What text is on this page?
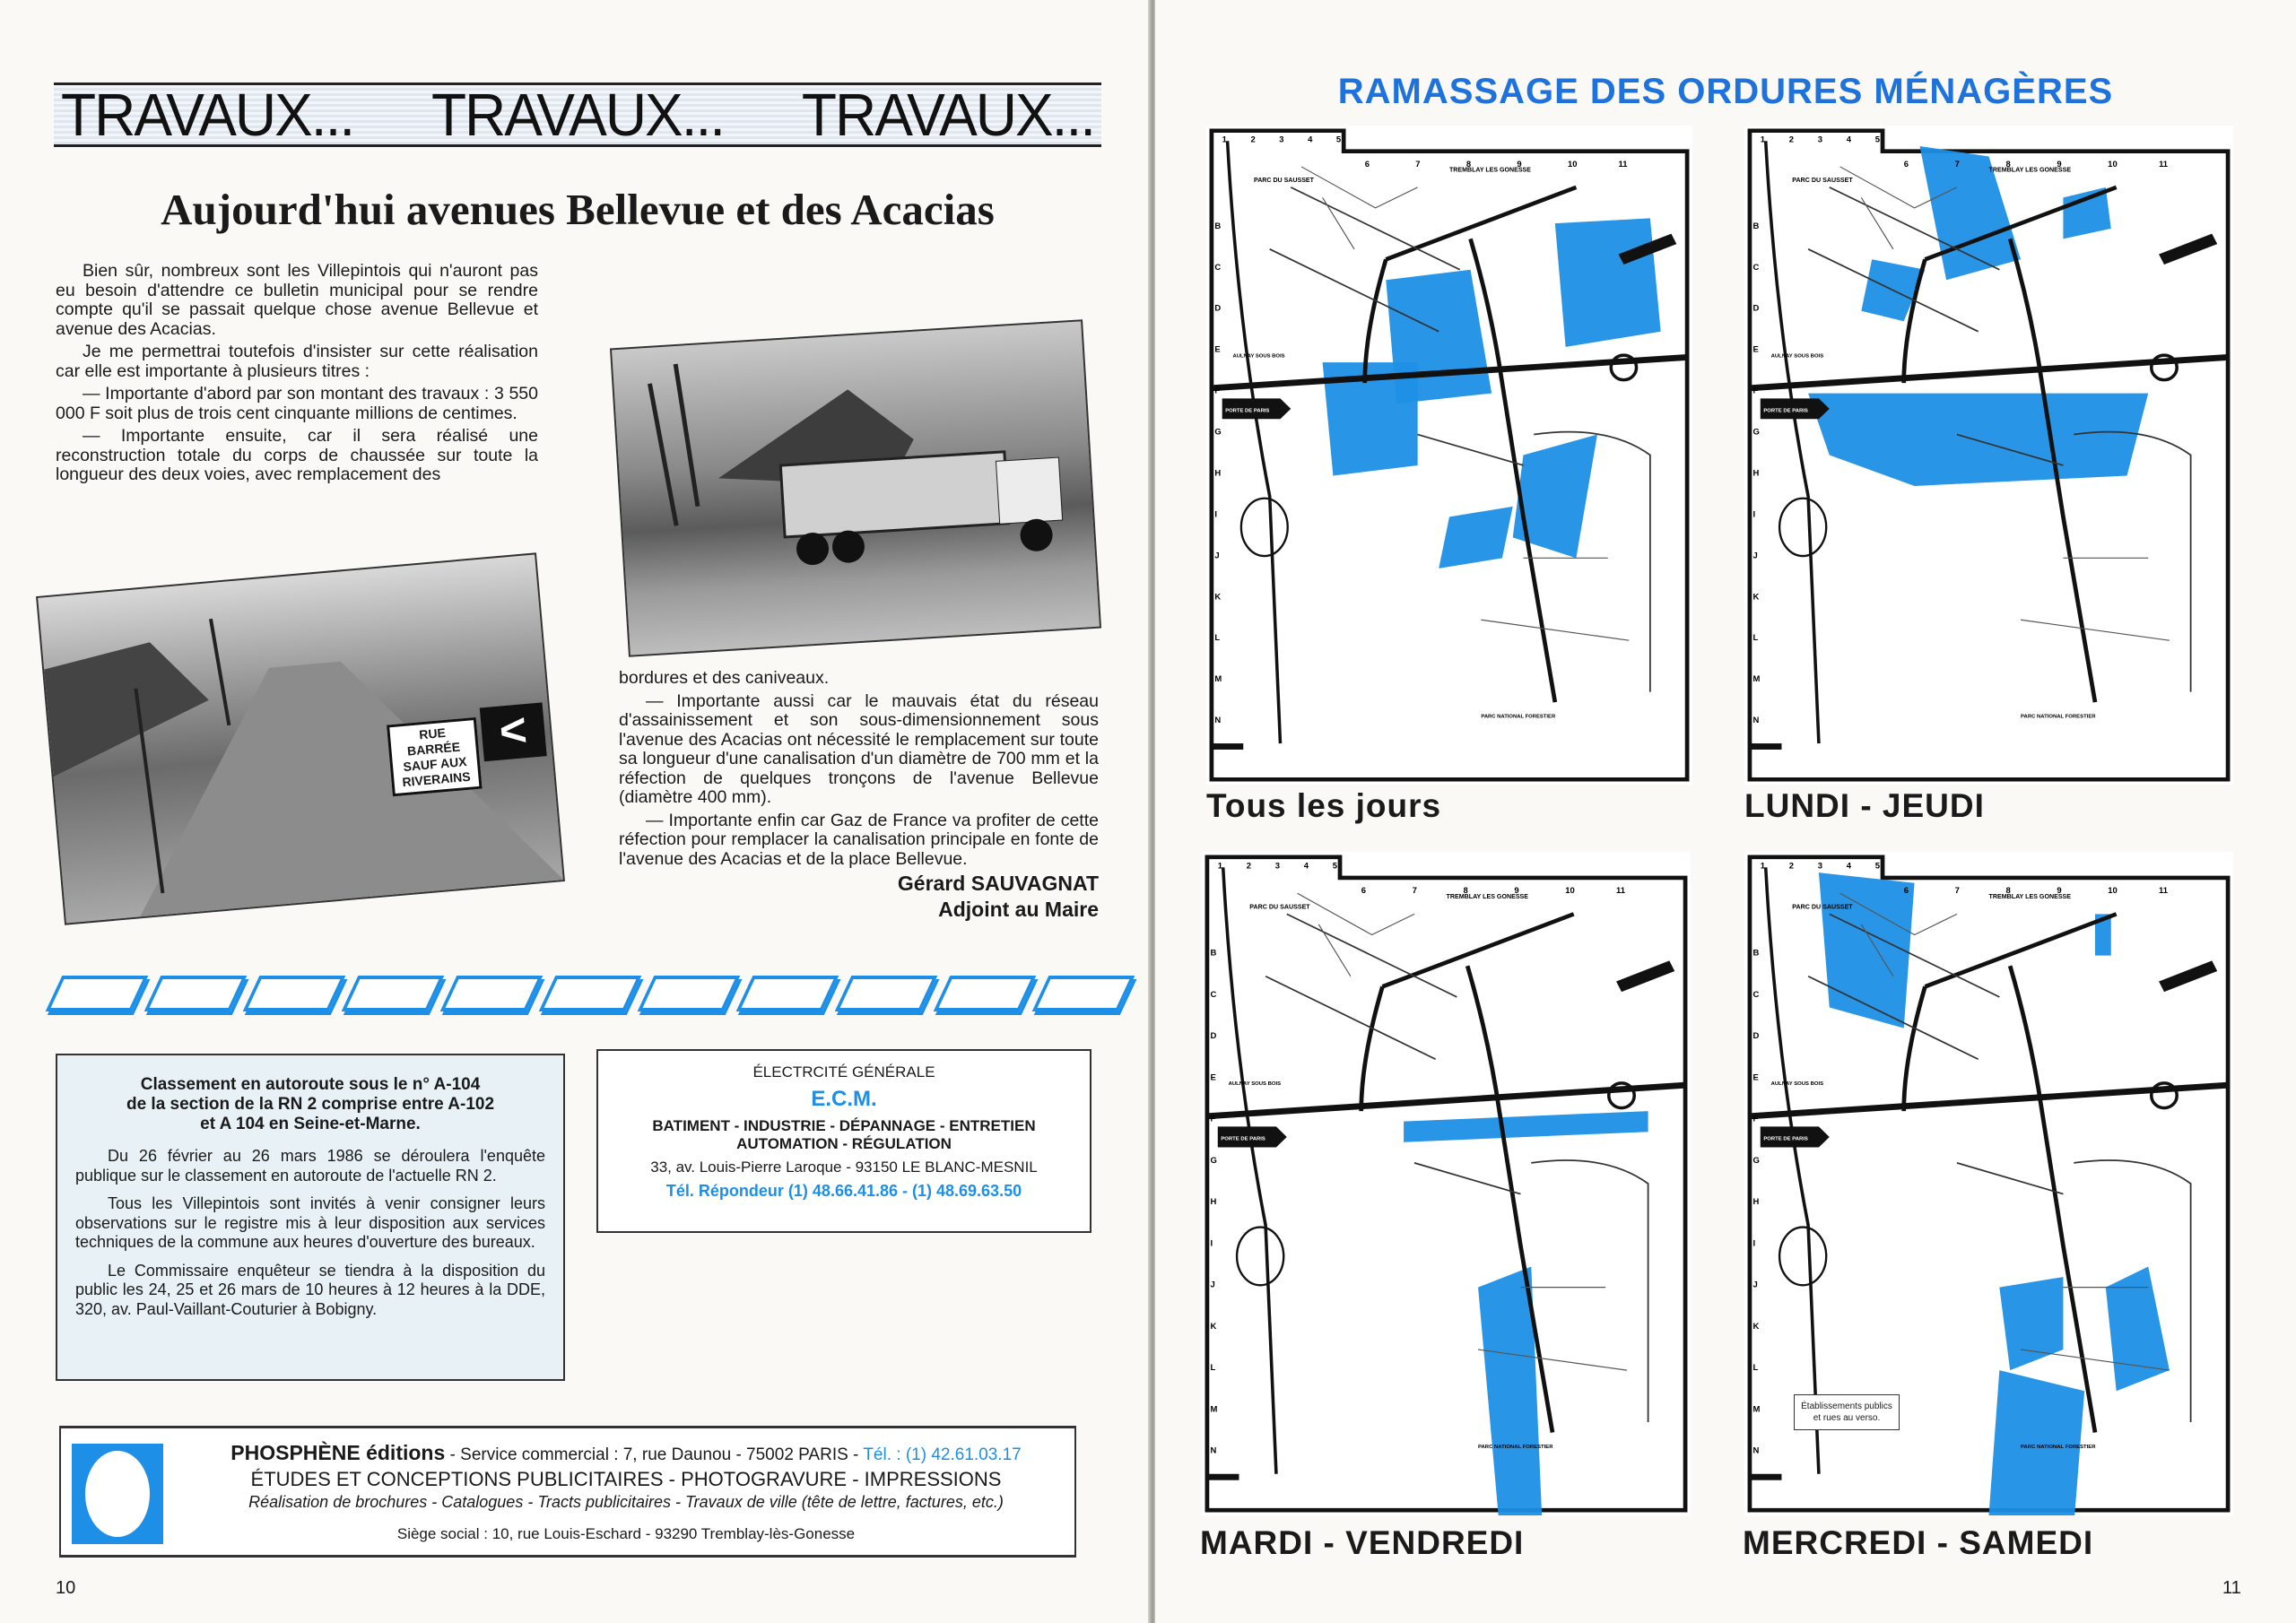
TRAVAUX... TRAVAUX... TRAVAUX...
Aujourd'hui avenues Bellevue et des Acacias

Bien sûr, nombreux sont les Villepintois qui n'auront pas eu besoin d'attendre ce bulletin municipal pour se rendre compte qu'il se passait quelque chose avenue Bellevue et avenue des Acacias.

Je me permettrai toutefois d'insister sur cette réalisation car elle est importante à plusieurs titres :

— Importante d'abord par son montant des travaux : 3 550 000 F soit plus de trois cent cinquante millions de centimes.

— Importante ensuite, car il sera réalisé une reconstruction totale du corps de chaussée sur toute la longueur des deux voies, avec remplacement des

RUE BARRÉE
SAUF AUX
RIVERAINS
<

bordures et des caniveaux.

— Importante aussi car le mauvais état du réseau d'assainissement et son sous-dimensionnement sous l'avenue des Acacias ont nécessité le remplacement sur toute sa longueur d'une canalisation d'un diamètre de 700 mm et la réfection de quelques tronçons de l'avenue Bellevue (diamètre 400 mm).

— Importante enfin car Gaz de France va profiter de cette réfection pour remplacer la canalisation principale en fonte de l'avenue des Acacias et de la place Bellevue.

Gérard SAUVAGNAT

Adjoint au Maire

Classement en autoroute sous le n° A-104
de la section de la RN 2 comprise entre A-102
et A 104 en Seine-et-Marne.

Du 26 février au 26 mars 1986 se déroulera l'enquête publique sur le classement en autoroute de l'actuelle RN 2.

Tous les Villepintois sont invités à venir consigner leurs observations sur le registre mis à leur disposition aux services techniques de la commune aux heures d'ouverture des bureaux.

Le Commissaire enquêteur se tiendra à la disposition du public les 24, 25 et 26 mars de 10 heures à 12 heures à la DDE, 320, av. Paul-Vaillant-Couturier à Bobigny.

ÉLECTRCITÉ GÉNÉRALE
E.C.M.
BATIMENT - INDUSTRIE - DÉPANNAGE - ENTRETIEN
AUTOMATION - RÉGULATION
33, av. Louis-Pierre Laroque - 93150 LE BLANC-MESNIL
Tél. Répondeur (1) 48.66.41.86 - (1) 48.69.63.50
PHOSPHÈNE éditions - Service commercial : 7, rue Daunou - 75002 PARIS - Tél. : (1) 42.61.03.17
ÉTUDES ET CONCEPTIONS PUBLICITAIRES - PHOTOGRAVURE - IMPRESSIONS
Réalisation de brochures - Catalogues - Tracts publicitaires - Travaux de ville (tête de lettre, factures, etc.)
Siège social : 10, rue Louis-Eschard - 93290 Tremblay-lès-Gonesse
10
RAMASSAGE DES ORDURES MÉNAGÈRES
1	2	3	4	5
6	7	8	9	10	11
B
C
D
E
F
G
H
I
J
K
L
M
N
PARC DU SAUSSET
TREMBLAY LES GONESSE
AULNAY SOUS BOIS
PORTE DE PARIS
PARC NATIONAL FORESTIER
Tous les jours
1	2	3	4	5
6	7	8	9	10	11
B
C
D
E
F
G
H
I
J
K
L
M
N
PARC DU SAUSSET
TREMBLAY LES GONESSE
AULNAY SOUS BOIS
PORTE DE PARIS
PARC NATIONAL FORESTIER
LUNDI - JEUDI
1	2	3	4	5
6	7	8	9	10	11
B
C
D
E
F
G
H
I
J
K
L
M
N
PARC DU SAUSSET
TREMBLAY LES GONESSE
AULNAY SOUS BOIS
PORTE DE PARIS
PARC NATIONAL FORESTIER
MARDI - VENDREDI
1	2	3	4	5
6	7	8	9	10	11
B
C
D
E
F
G
H
I
J
K
L
M
N
PARC DU SAUSSET
TREMBLAY LES GONESSE
AULNAY SOUS BOIS
PORTE DE PARIS
PARC NATIONAL FORESTIER
MERCREDI - SAMEDI
Établissements publics
et rues au verso.
11
